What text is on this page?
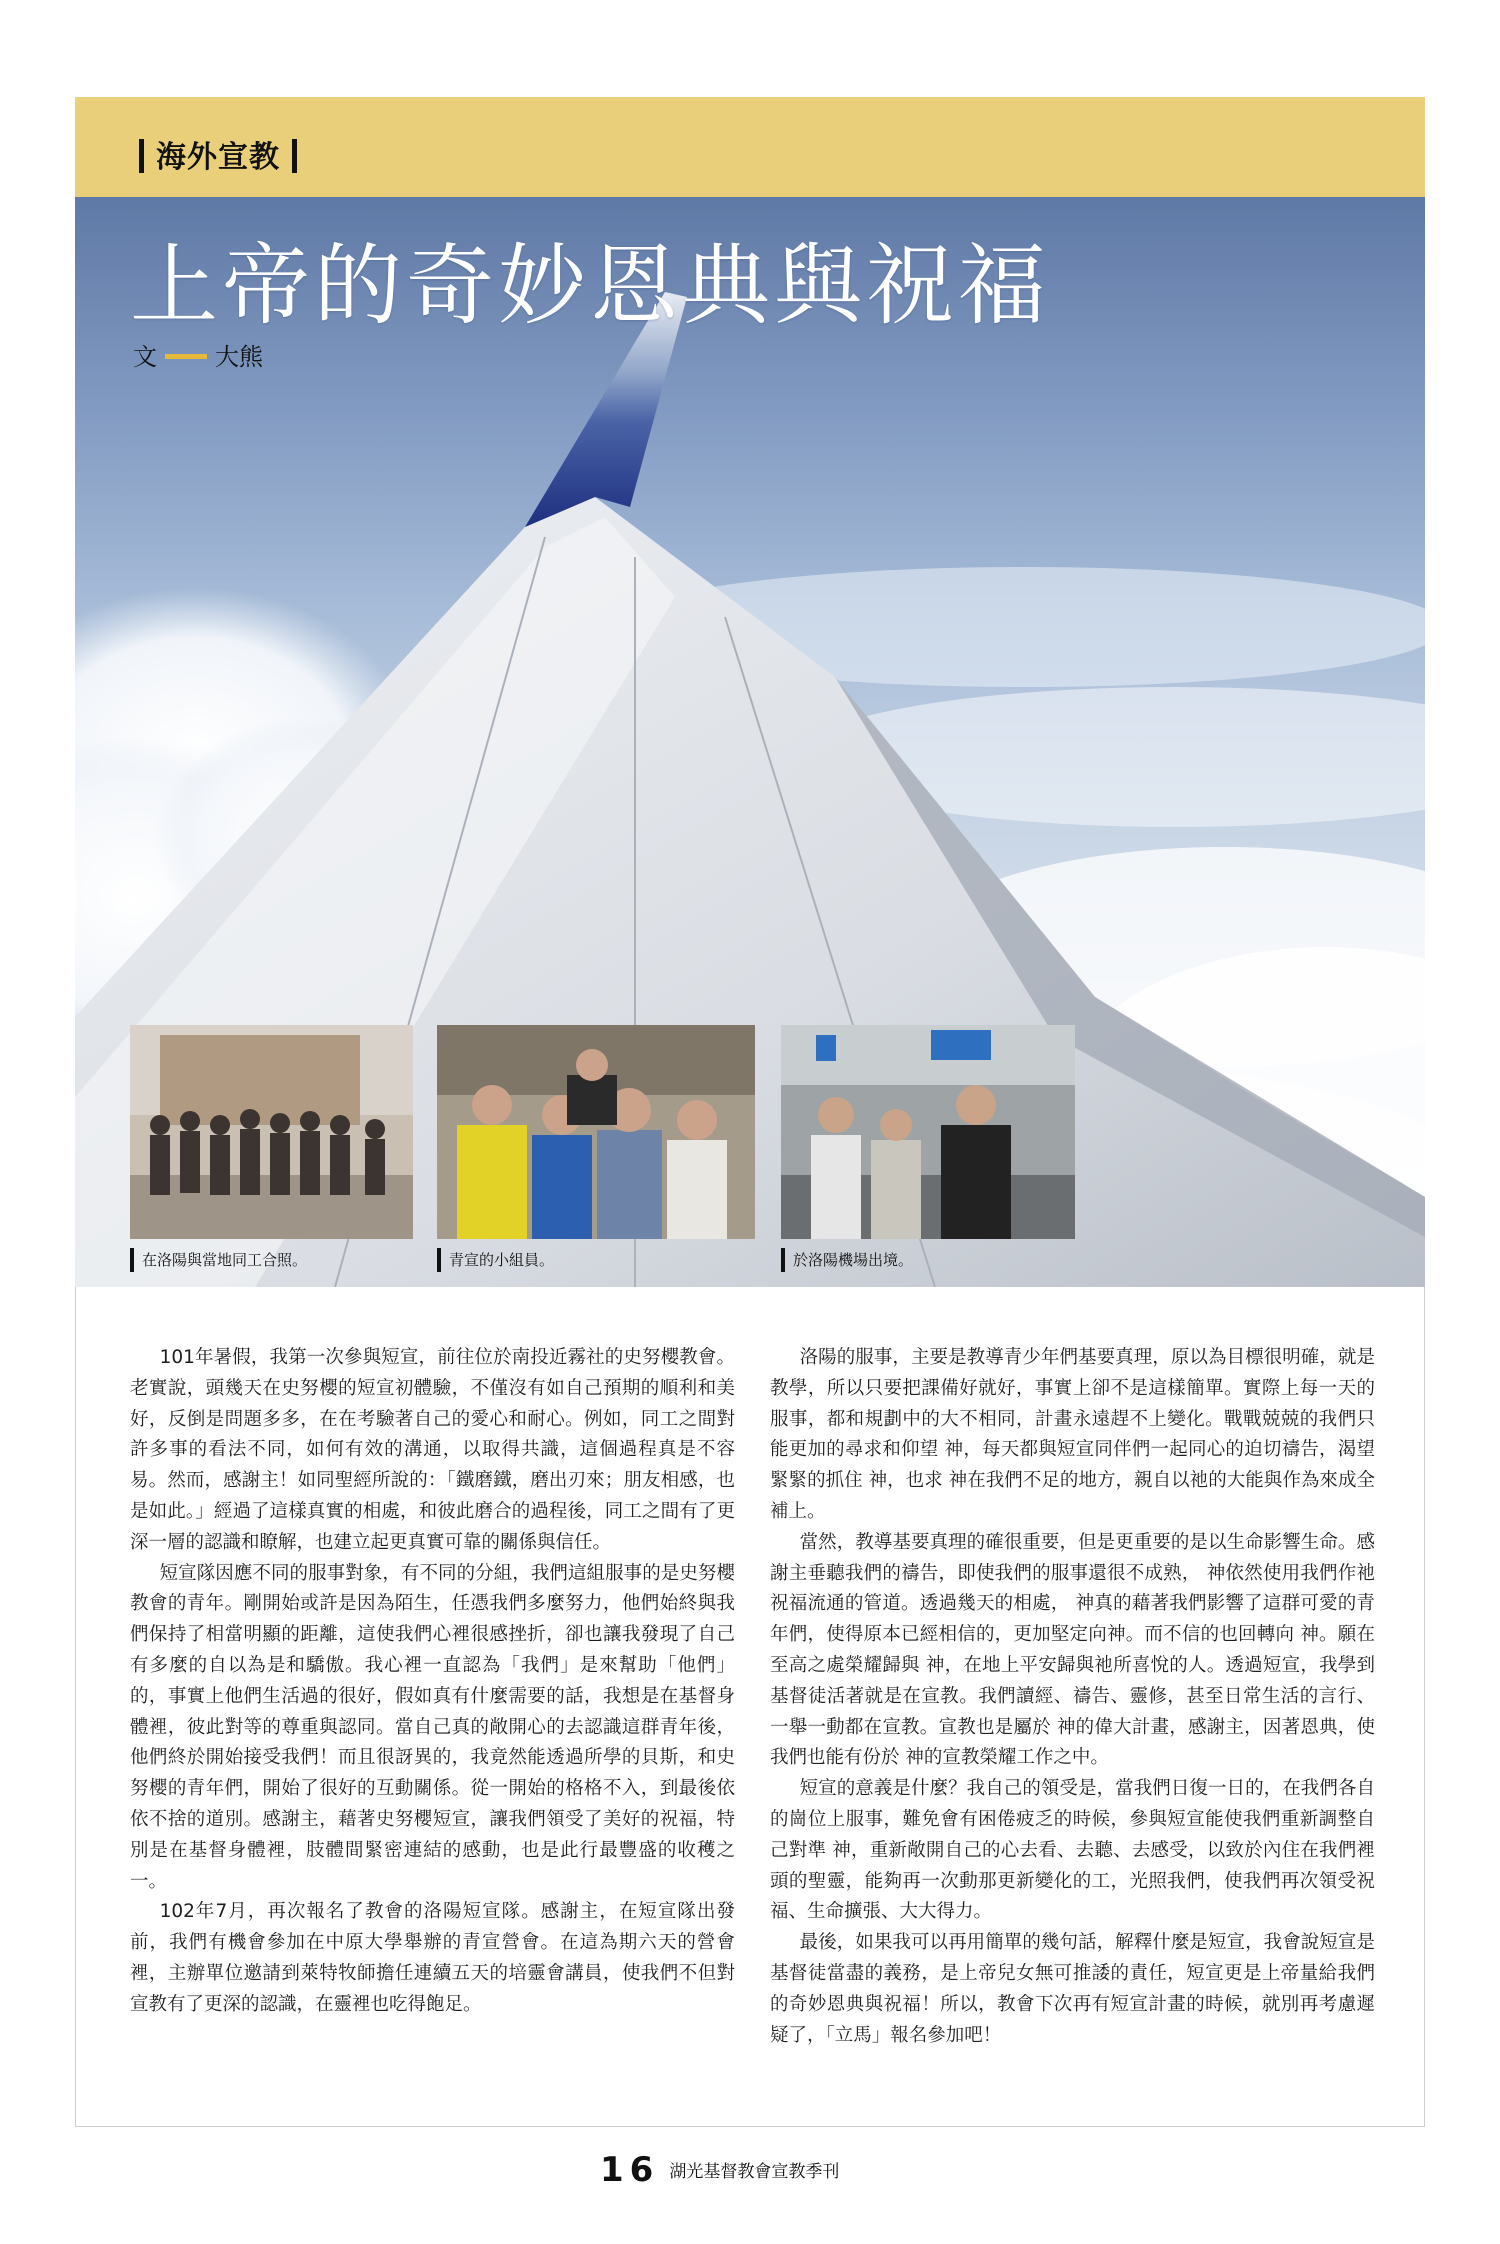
海外宣教
上帝的奇妙恩典與祝福
文 大熊
在洛陽與當地同工合照。	青宣的小組員。	於洛陽機場出境。

101年暑假，我第一次參與短宣，前往位於南投近霧社的史努櫻教會。老實說，頭幾天在史努櫻的短宣初體驗，不僅沒有如自己預期的順利和美好，反倒是問題多多，在在考驗著自己的愛心和耐心。例如，同工之間對許多事的看法不同，如何有效的溝通，以取得共識，這個過程真是不容易。然而，感謝主！如同聖經所說的：「鐵磨鐵，磨出刃來；朋友相感，也是如此。」經過了這樣真實的相處，和彼此磨合的過程後，同工之間有了更深一層的認識和瞭解，也建立起更真實可靠的關係與信任。

短宣隊因應不同的服事對象，有不同的分組，我們這組服事的是史努櫻教會的青年。剛開始或許是因為陌生，任憑我們多麼努力，他們始終與我們保持了相當明顯的距離，這使我們心裡很感挫折，卻也讓我發現了自己有多麼的自以為是和驕傲。我心裡一直認為「我們」是來幫助「他們」的，事實上他們生活過的很好，假如真有什麼需要的話，我想是在基督身體裡，彼此對等的尊重與認同。當自己真的敞開心的去認識這群青年後，他們終於開始接受我們！而且很訝異的，我竟然能透過所學的貝斯，和史努櫻的青年們，開始了很好的互動關係。從一開始的格格不入，到最後依依不捨的道別。感謝主，藉著史努櫻短宣，讓我們領受了美好的祝福，特別是在基督身體裡，肢體間緊密連結的感動，也是此行最豐盛的收穫之一。

102年7月，再次報名了教會的洛陽短宣隊。感謝主，在短宣隊出發前，我們有機會參加在中原大學舉辦的青宣營會。在這為期六天的營會裡，主辦單位邀請到萊特牧師擔任連續五天的培靈會講員，使我們不但對宣教有了更深的認識，在靈裡也吃得飽足。

洛陽的服事，主要是教導青少年們基要真理，原以為目標很明確，就是教學，所以只要把課備好就好，事實上卻不是這樣簡單。實際上每一天的服事，都和規劃中的大不相同，計畫永遠趕不上變化。戰戰兢兢的我們只能更加的尋求和仰望 神，每天都與短宣同伴們一起同心的迫切禱告，渴望緊緊的抓住 神，也求 神在我們不足的地方，親自以祂的大能與作為來成全補上。

當然，教導基要真理的確很重要，但是更重要的是以生命影響生命。感謝主垂聽我們的禱告，即使我們的服事還很不成熟， 神依然使用我們作祂祝福流通的管道。透過幾天的相處， 神真的藉著我們影響了這群可愛的青年們，使得原本已經相信的，更加堅定向神。而不信的也回轉向 神。願在至高之處榮耀歸與 神，在地上平安歸與祂所喜悅的人。透過短宣，我學到基督徒活著就是在宣教。我們讀經、禱告、靈修，甚至日常生活的言行、一舉一動都在宣教。宣教也是屬於 神的偉大計畫，感謝主，因著恩典，使我們也能有份於 神的宣教榮耀工作之中。

短宣的意義是什麼？我自己的領受是，當我們日復一日的，在我們各自的崗位上服事，難免會有困倦疲乏的時候，參與短宣能使我們重新調整自己對準 神，重新敞開自己的心去看、去聽、去感受，以致於內住在我們裡頭的聖靈，能夠再一次動那更新變化的工，光照我們，使我們再次領受祝福、生命擴張、大大得力。

最後，如果我可以再用簡單的幾句話，解釋什麼是短宣，我會說短宣是基督徒當盡的義務，是上帝兒女無可推諉的責任，短宣更是上帝量給我們的奇妙恩典與祝福！所以，教會下次再有短宣計畫的時候，就別再考慮遲疑了，「立馬」報名參加吧！

16 湖光基督教會宣教季刊
